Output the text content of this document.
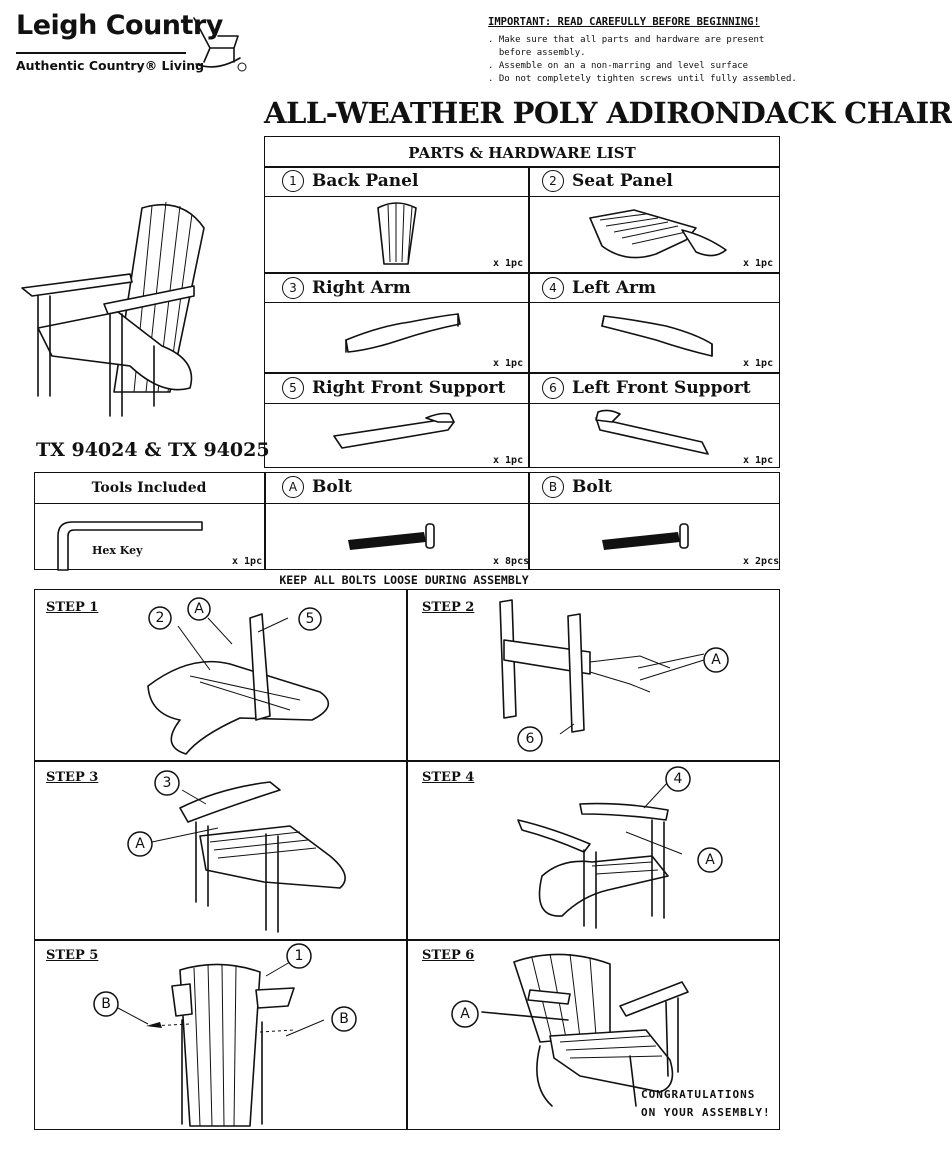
Leigh Country
Authentic Country® Living
IMPORTANT: READ CAREFULLY BEFORE BEGINNING!
. Make sure that all parts and hardware are present
before assembly.
. Assemble on an a non-marring and level surface
. Do not completely tighten screws until fully assembled.
ALL-WEATHER POLY ADIRONDACK CHAIR
PARTS & HARDWARE LIST
1 Back Panel	2 Seat Panel
3 Right Arm	4 Left Arm
5 Right Front Support	6 Left Front Support
x 1pc	x 1pc
x 1pc	x 1pc
x 1pc	x 1pc
TX 94024 & TX 94025
Tools Included	A Bolt	B Bolt
Hex Key
x 1pc	x 8pcs	x 2pcs
KEEP ALL BOLTS LOOSE DURING ASSEMBLY
STEP 1	STEP 2
STEP 3	STEP 4
STEP 5	STEP 6
2
A
5
A
6
3
A
4
A
1
B
B	A
CONGRATULATIONS
ON YOUR ASSEMBLY!
